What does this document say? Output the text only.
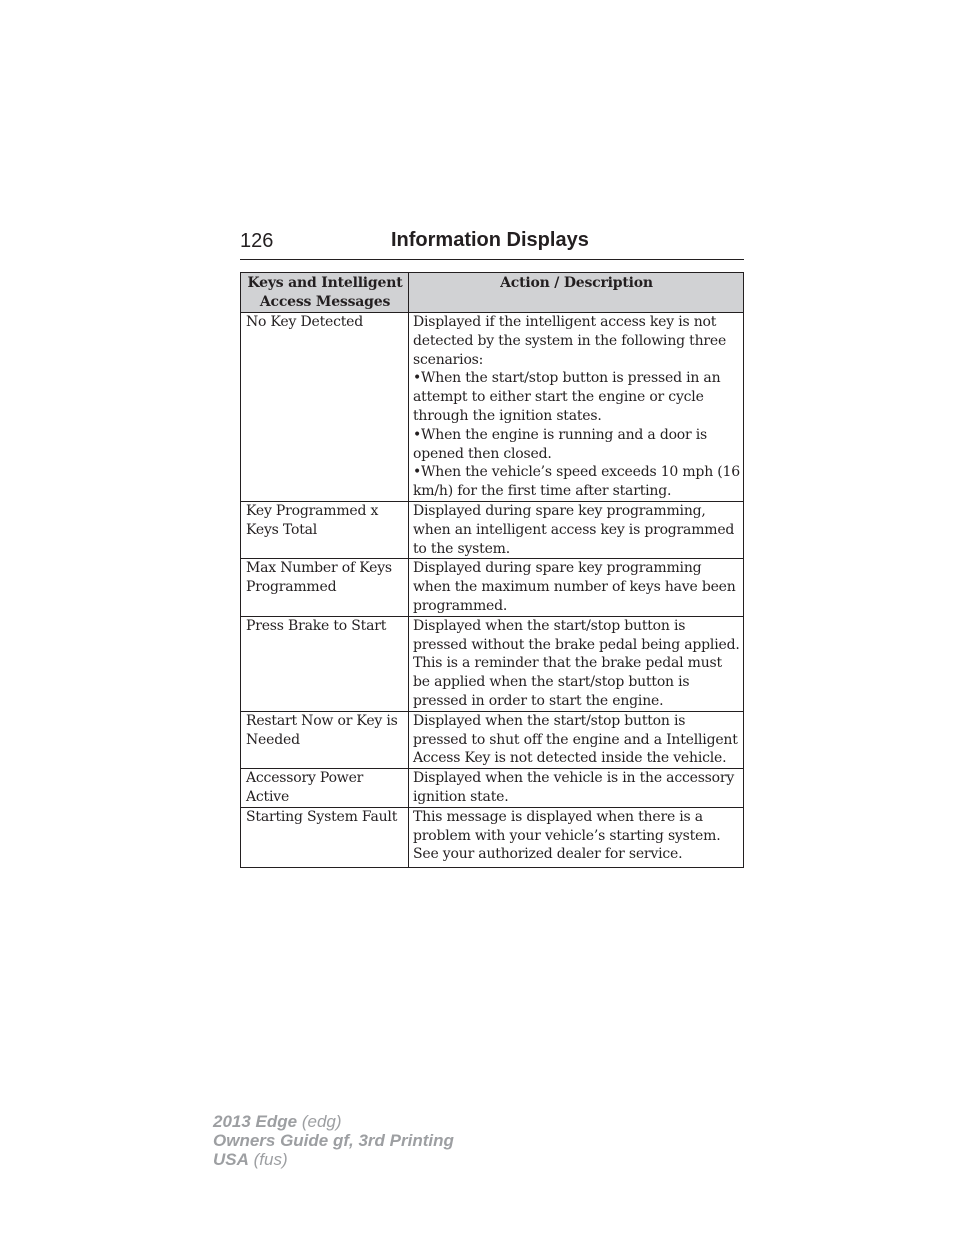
126	Information Displays
Keys and Intelligent Access Messages	Action / Description
No Key Detected	Displayed if the intelligent access key is not detected by the system in the following three scenarios:
•When the start/stop button is pressed in an attempt to either start the engine or cycle through the ignition states.
•When the engine is running and a door is opened then closed.
•When the vehicle’s speed exceeds 10 mph (16 km/h) for the first time after starting.

Key Programmed x Keys Total	Displayed during spare key programming, when an intelligent access key is programmed to the system.

Max Number of Keys Programmed	Displayed during spare key programming when the maximum number of keys have been programmed.

Press Brake to Start	Displayed when the start/stop button is pressed without the brake pedal being applied. This is a reminder that the brake pedal must be applied when the start/stop button is pressed in order to start the engine.

Restart Now or Key is Needed	Displayed when the start/stop button is pressed to shut off the engine and a Intelligent Access Key is not detected inside the vehicle.

Accessory Power Active	Displayed when the vehicle is in the accessory ignition state.

Starting System Fault	This message is displayed when there is a problem with your vehicle’s starting system. See your authorized dealer for service.
2013 Edge (edg)
Owners Guide gf, 3rd Printing
USA (fus)
